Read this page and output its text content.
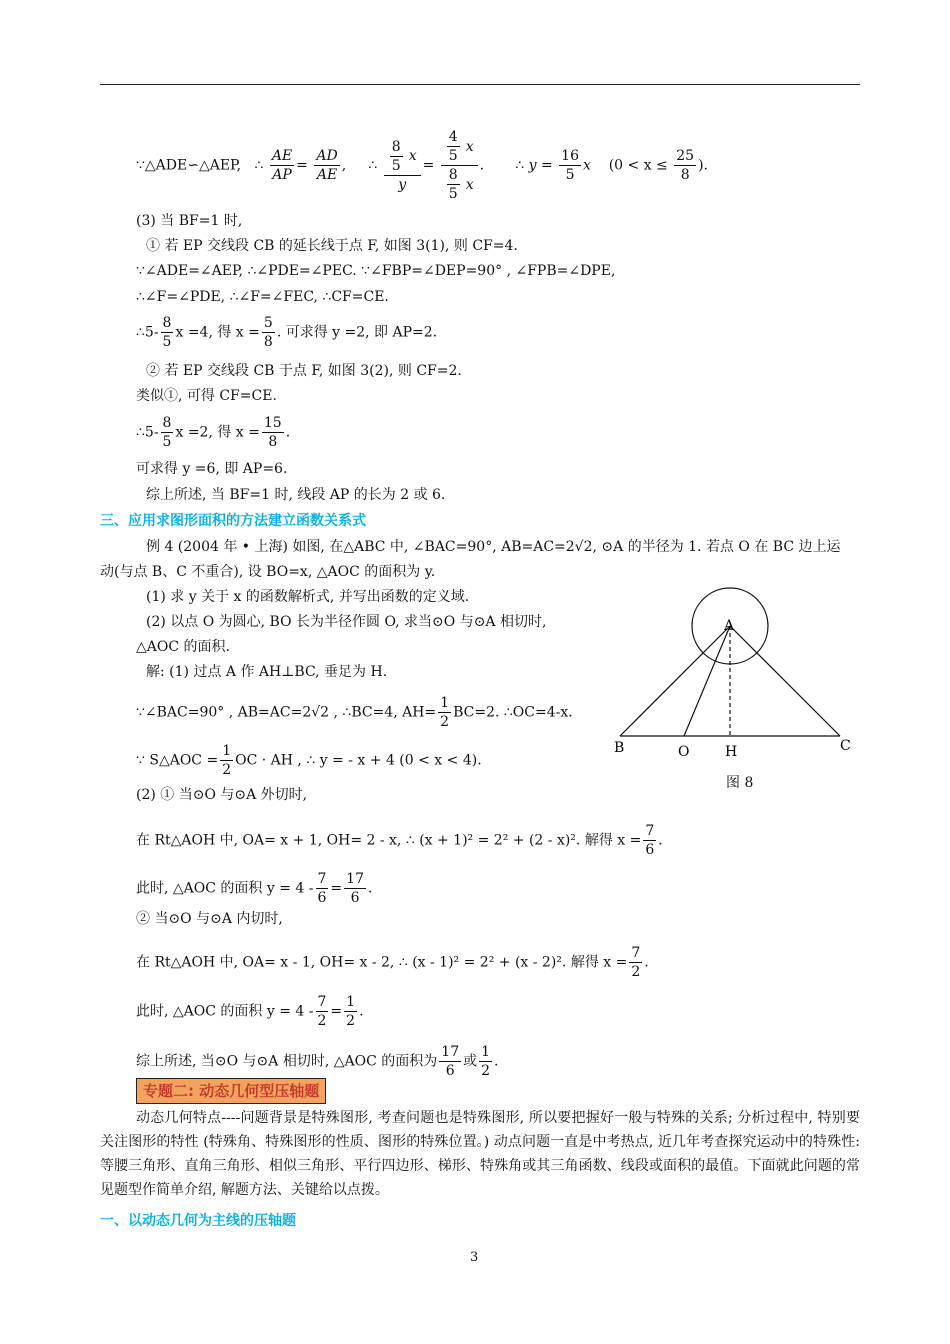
∵△ADE∽△AEP, ∴ $\frac{AE}{AP} = \frac{AD}{AE}$ ,     ∴ $\frac{\frac{8}{5} x}{y} = \frac{\frac{4}{5} x}{\frac{8}{5} x}$ .       ∴ $y = \frac{16}{5}$ x ($0 < x \le \frac{25}{8}$ ).
(3) 当 BF=1 时,
① 若 EP 交线段 CB 的延长线于点 F, 如图 3(1), 则 CF=4.
∵∠ADE=∠AEP, ∴∠PDE=∠PEC. ∵∠FBP=∠DEP=90° , ∠FPB=∠DPE,
∴∠F=∠PDE, ∴∠F=∠FEC, ∴CF=CE.
∴5- $\frac{8}{5}$ x =4, 得 $x = \frac{5}{8}$ . 可求得 y =2, 即 AP=2.
② 若 EP 交线段 CB 于点 F, 如图 3(2), 则 CF=2.
类似①, 可得 CF=CE.
∴5- $\frac{8}{5}$ x =2, 得 $x = \frac{15}{8}$ .
可求得 y =6, 即 AP=6.
综上所述, 当 BF=1 时, 线段 AP 的长为 2 或 6.
三、应用求图形面积的方法建立函数关系式
例 4 (2004 年 • 上海) 如图, 在△ABC 中, ∠BAC=90°, AB=AC=2√2, ⊙A 的半径为 1. 若点 O 在 BC 边上运
动(与点 B、C 不重合), 设 BO=x, △AOC 的面积为 y.
(1) 求 y 关于 x 的函数解析式, 并写出函数的定义域.
(2) 以点 O 为圆心, BO 长为半径作圆 O, 求当⊙O 与⊙A 相切时,
△AOC 的面积.
解: (1) 过点 A 作 AH⊥BC, 垂足为 H.
∵∠BAC=90° , AB=AC=2√2 , ∴BC=4, $AH= \frac{1}{2} BC=2$. ∴OC=4-x.
∵ S△AOC = $\frac{1}{2}$ OC · AH , ∴ y = - x + 4 (0 < x < 4).
(2) ① 当⊙O 与⊙A 外切时,
在 Rt△AOH 中, OA= x + 1, OH= 2 - x, ∴ (x + 1)² = 2² + (2 - x)². 解得 $x = \frac{7}{6}$ .
此时, △AOC 的面积 $y = 4 - \frac{7}{6} = \frac{17}{6}$ .
② 当⊙O 与⊙A 内切时,
在 Rt△AOH 中, OA= x - 1, OH= x - 2, ∴ (x - 1)² = 2² + (x - 2)². 解得 $x = \frac{7}{2}$ .
此时, △AOC 的面积 $y = 4 - \frac{7}{2} = \frac{1}{2}$ .
综上所述, 当⊙O 与⊙A 相切时, △AOC 的面积为 $\frac{17}{6}$ 或 $\frac{1}{2}$ .
专题二: 动态几何型压轴题
动态几何特点----问题背景是特殊图形, 考查问题也是特殊图形, 所以要把握好一般与特殊的关系; 分析过程中, 特别要关注图形的特性 (特殊角、特殊图形的性质、图形的特殊位置。) 动点问题一直是中考热点, 近几年考查探究运动中的特殊性: 等腰三角形、直角三角形、相似三角形、平行四边形、梯形、特殊角或其三角函数、线段或面积的最值。下面就此问题的常见题型作简单介绍, 解题方法、关键给以点拨。
一、以动态几何为主线的压轴题
A
B	O	H	C
图 8
3
